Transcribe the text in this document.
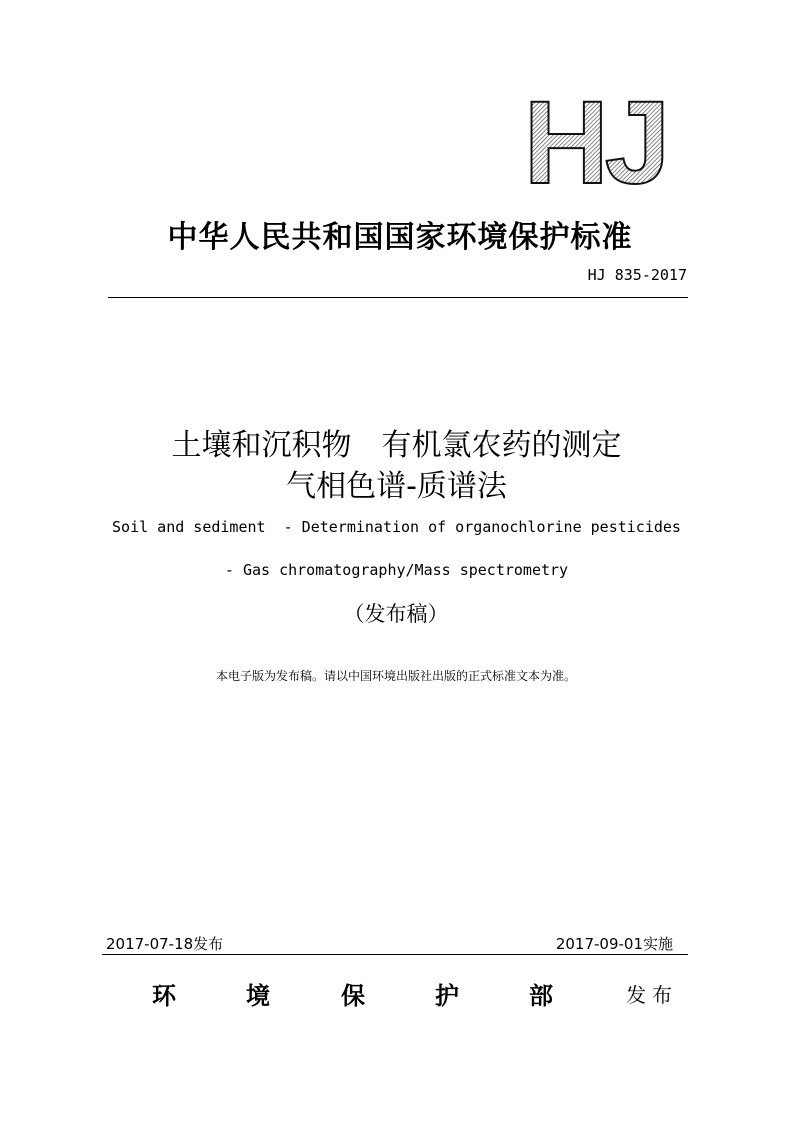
HJ
中华人民共和国国家环境保护标准
HJ 835-2017
土壤和沉积物　有机氯农药的测定
气相色谱-质谱法
Soil and sediment  - Determination of organochlorine pesticides
- Gas chromatography/Mass spectrometry
（发布稿）
本电子版为发布稿。请以中国环境出版社出版的正式标准文本为准。
2017-07-18发布	2017-09-01实施
环	境	保	护	部	发布
